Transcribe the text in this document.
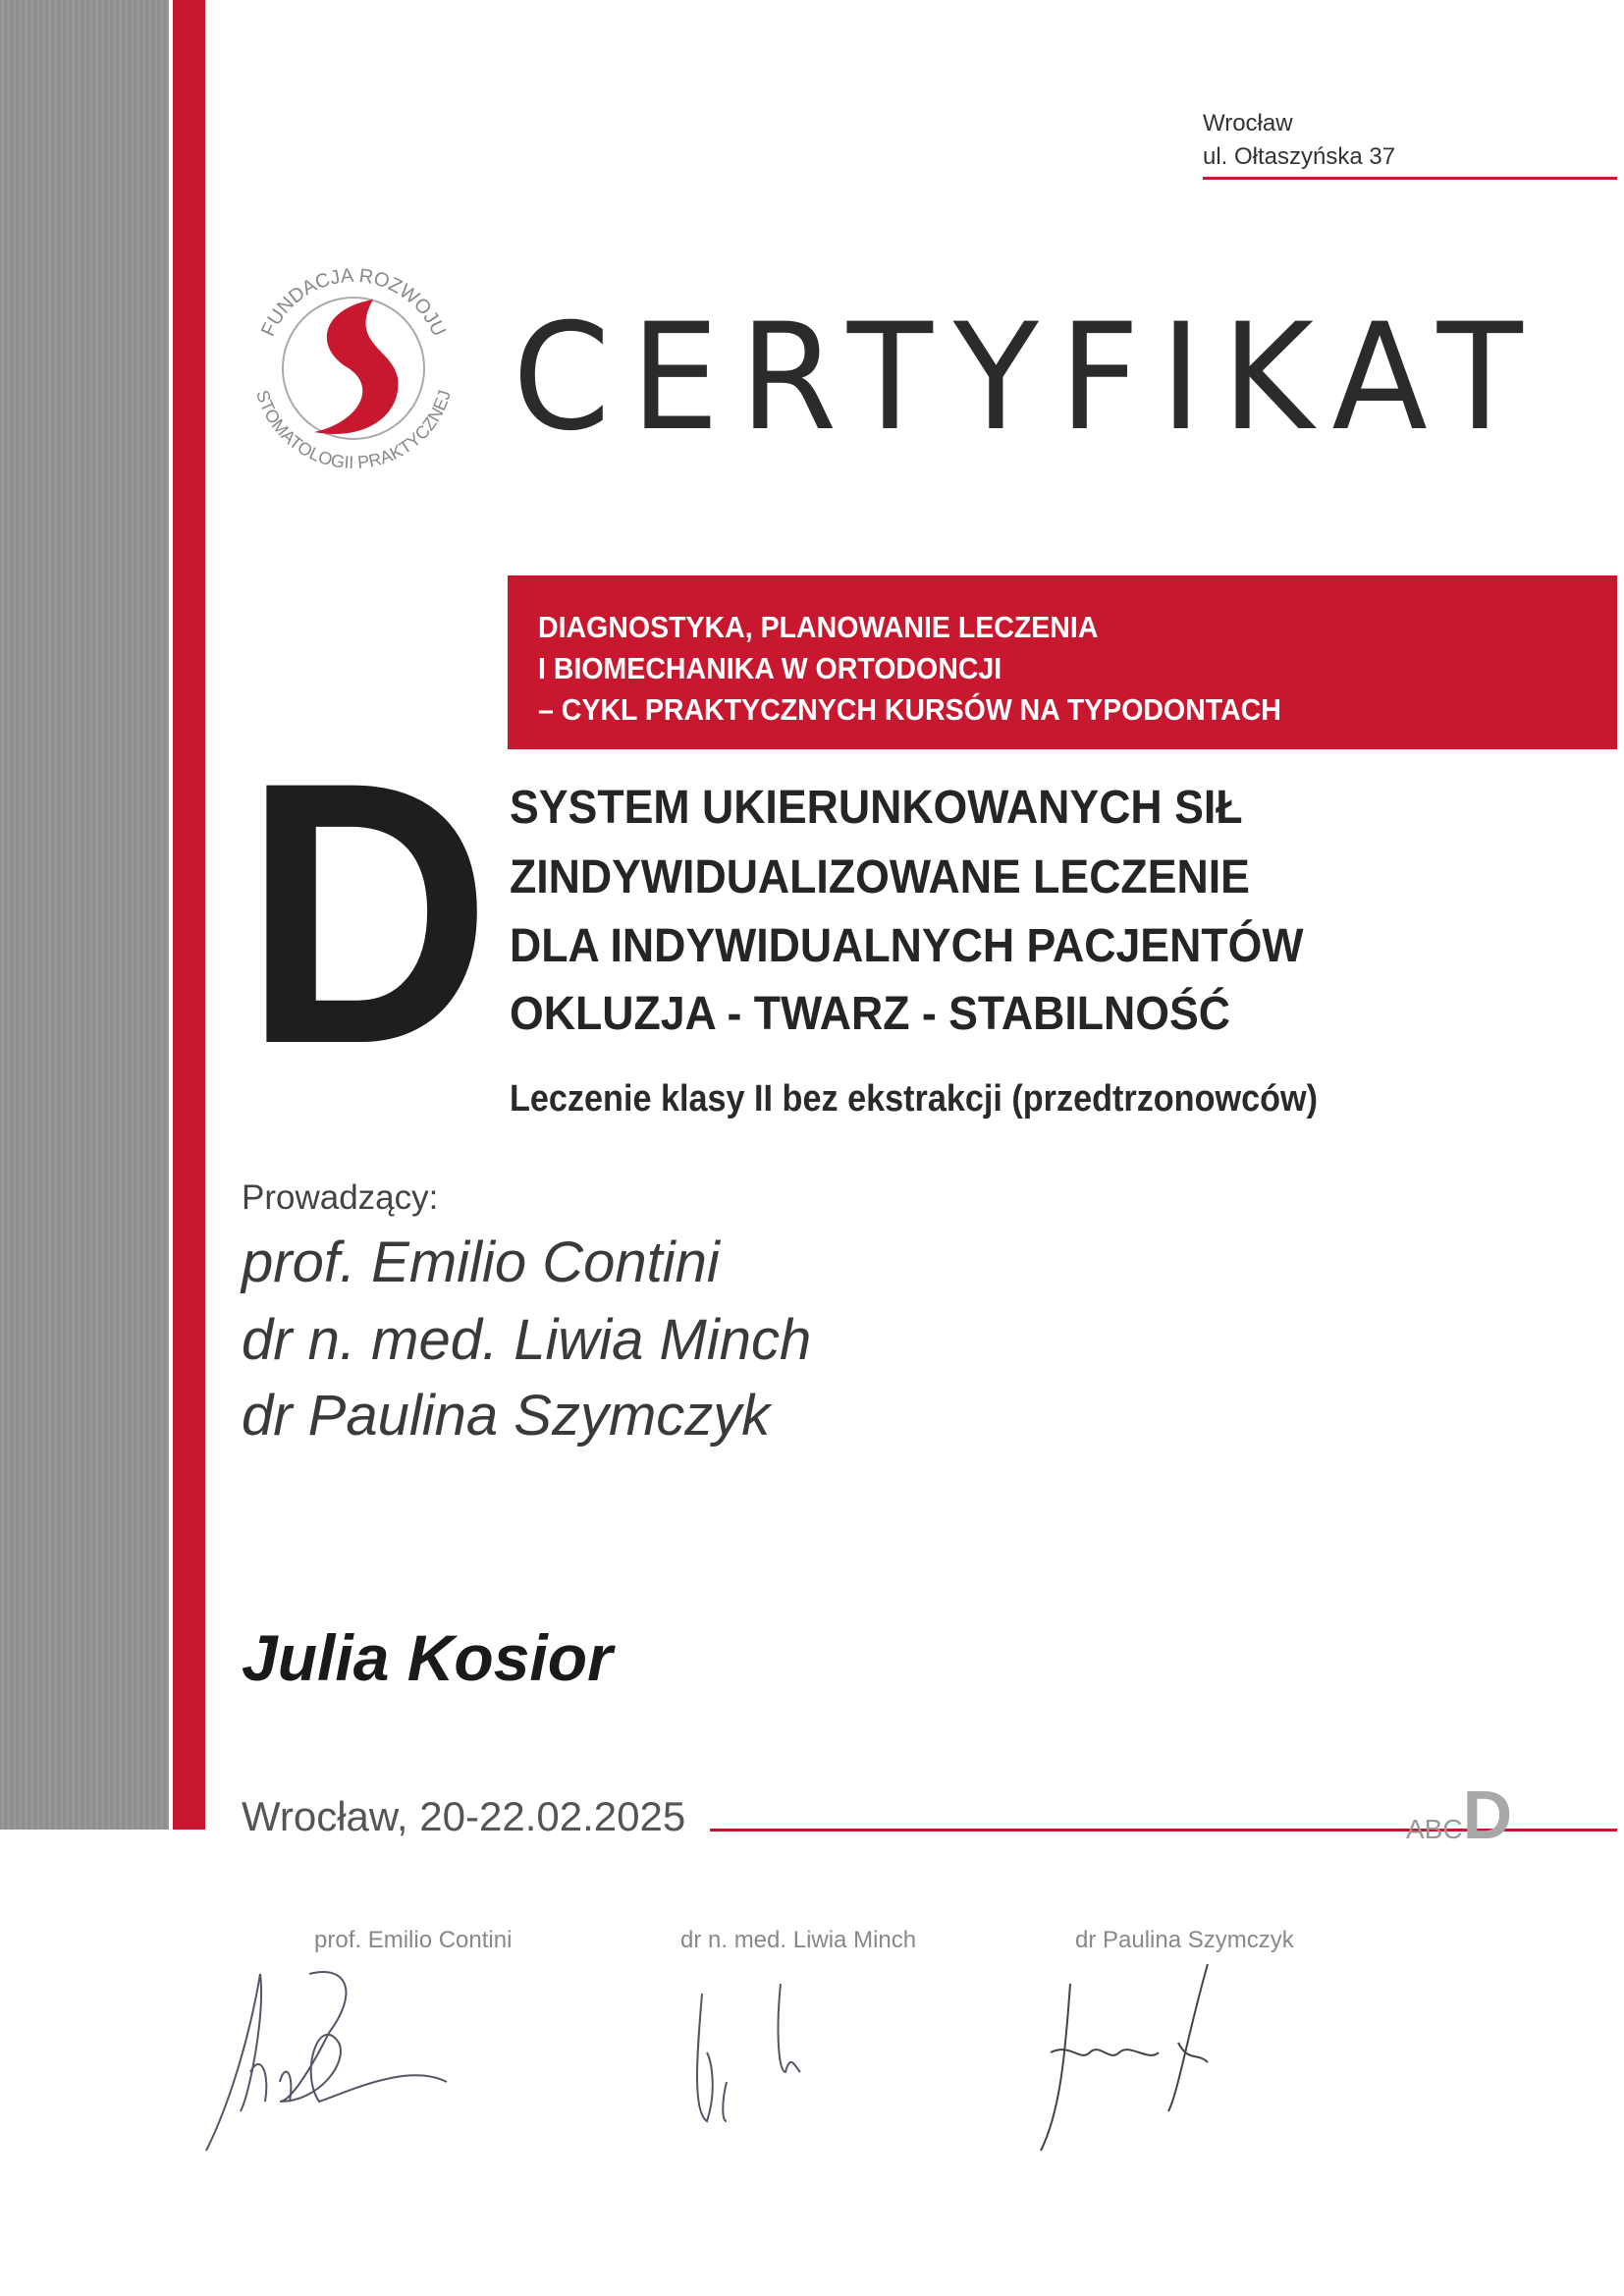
Wrocław
ul. Ołtaszyńska 37
FUNDACJA ROZWOJU
STOMATOLOGII PRAKTYCZNEJ CERTYFIKAT
DIAGNOSTYKA, PLANOWANIE LECZENIA
I BIOMECHANIKA W ORTODONCJI
– CYKL PRAKTYCZNYCH KURSÓW NA TYPODONTACH
D SYSTEM UKIERUNKOWANYCH SIŁ
ZINDYWIDUALIZOWANE LECZENIE
DLA INDYWIDUALNYCH PACJENTÓW
OKLUZJA - TWARZ - STABILNOŚĆ
Leczenie klasy II bez ekstrakcji (przedtrzonowców)
Prowadzący:
prof. Emilio Contini
dr n. med. Liwia Minch
dr Paulina Szymczyk
Julia Kosior
Wrocław, 20-22.02.2025	ABCD
prof. Emilio Contini	dr n. med. Liwia Minch	dr Paulina Szymczyk
